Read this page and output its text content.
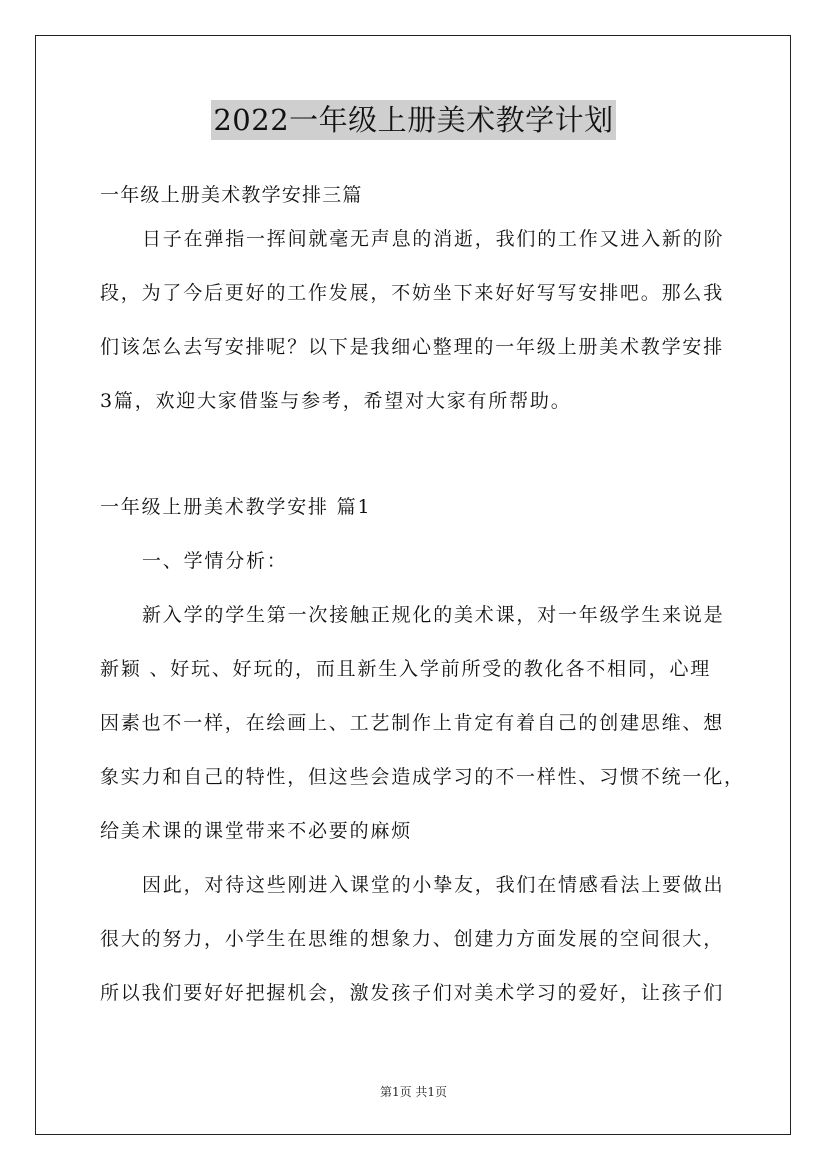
2022一年级上册美术教学计划
一年级上册美术教学安排三篇
日子在弹指一挥间就毫无声息的消逝，我们的工作又进入新的阶
段，为了今后更好的工作发展，不妨坐下来好好写写安排吧。那么我
们该怎么去写安排呢？以下是我细心整理的一年级上册美术教学安排
3篇，欢迎大家借鉴与参考，希望对大家有所帮助。
一年级上册美术教学安排 篇1
一、学情分析：
新入学的学生第一次接触正规化的美术课，对一年级学生来说是
新颖 、好玩、好玩的，而且新生入学前所受的教化各不相同，心理
因素也不一样，在绘画上、工艺制作上肯定有着自己的创建思维、想
象实力和自己的特性，但这些会造成学习的不一样性、习惯不统一化，
给美术课的课堂带来不必要的麻烦
因此，对待这些刚进入课堂的小挚友，我们在情感看法上要做出
很大的努力，小学生在思维的想象力、创建力方面发展的空间很大，
所以我们要好好把握机会，激发孩子们对美术学习的爱好，让孩子们
第1页 共1页
